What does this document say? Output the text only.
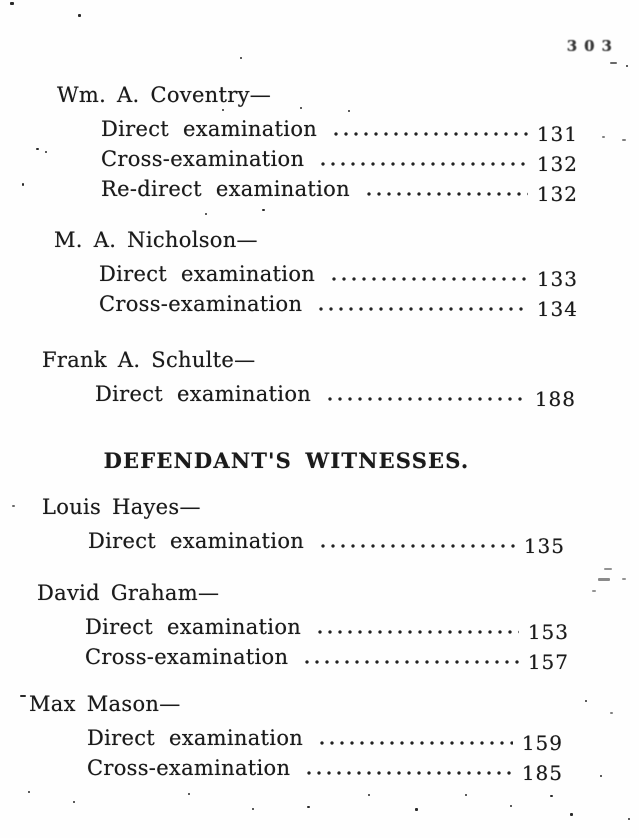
303
Wm. A. Coventry—
Direct examination	131
Cross-examination	132
Re-direct examination	132
M. A. Nicholson—
Direct examination	133
Cross-examination	134
Frank A. Schulte—
Direct examination	188
DEFENDANT'S WITNESSES.
Louis Hayes—
Direct examination	135
David Graham—
Direct examination	153
Cross-examination	157
Max Mason—
Direct examination	159
Cross-examination	185
